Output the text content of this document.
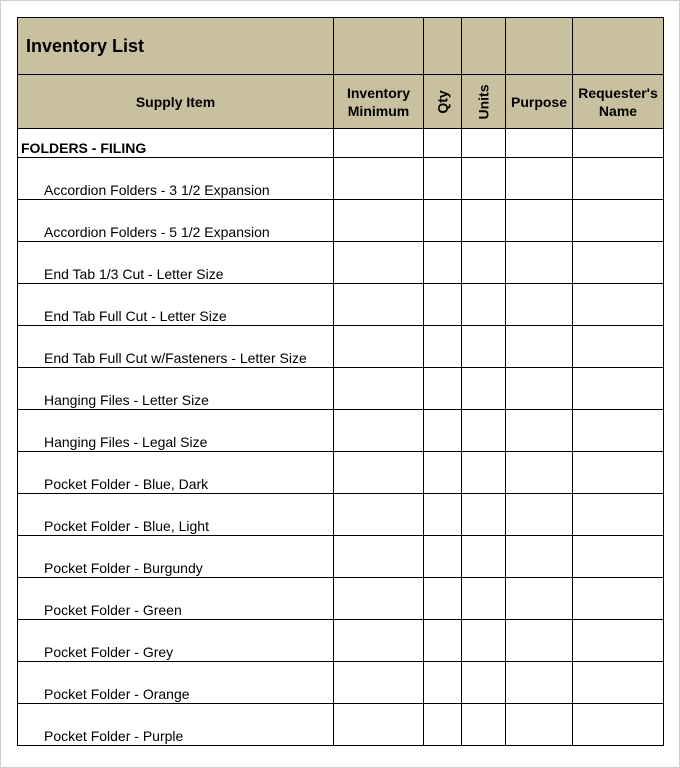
Inventory List					
Supply Item	Inventory Minimum	Qty	Units	Purpose	Requester's Name
FOLDERS - FILING					
Accordion Folders - 3 1/2 Expansion					
Accordion Folders - 5 1/2 Expansion					
End Tab 1/3 Cut - Letter Size					
End Tab Full Cut - Letter Size					
End Tab Full Cut w/Fasteners - Letter Size					
Hanging Files - Letter Size					
Hanging Files - Legal Size					
Pocket Folder - Blue, Dark					
Pocket Folder - Blue, Light					
Pocket Folder - Burgundy					
Pocket Folder - Green					
Pocket Folder - Grey					
Pocket Folder - Orange					
Pocket Folder - Purple					
